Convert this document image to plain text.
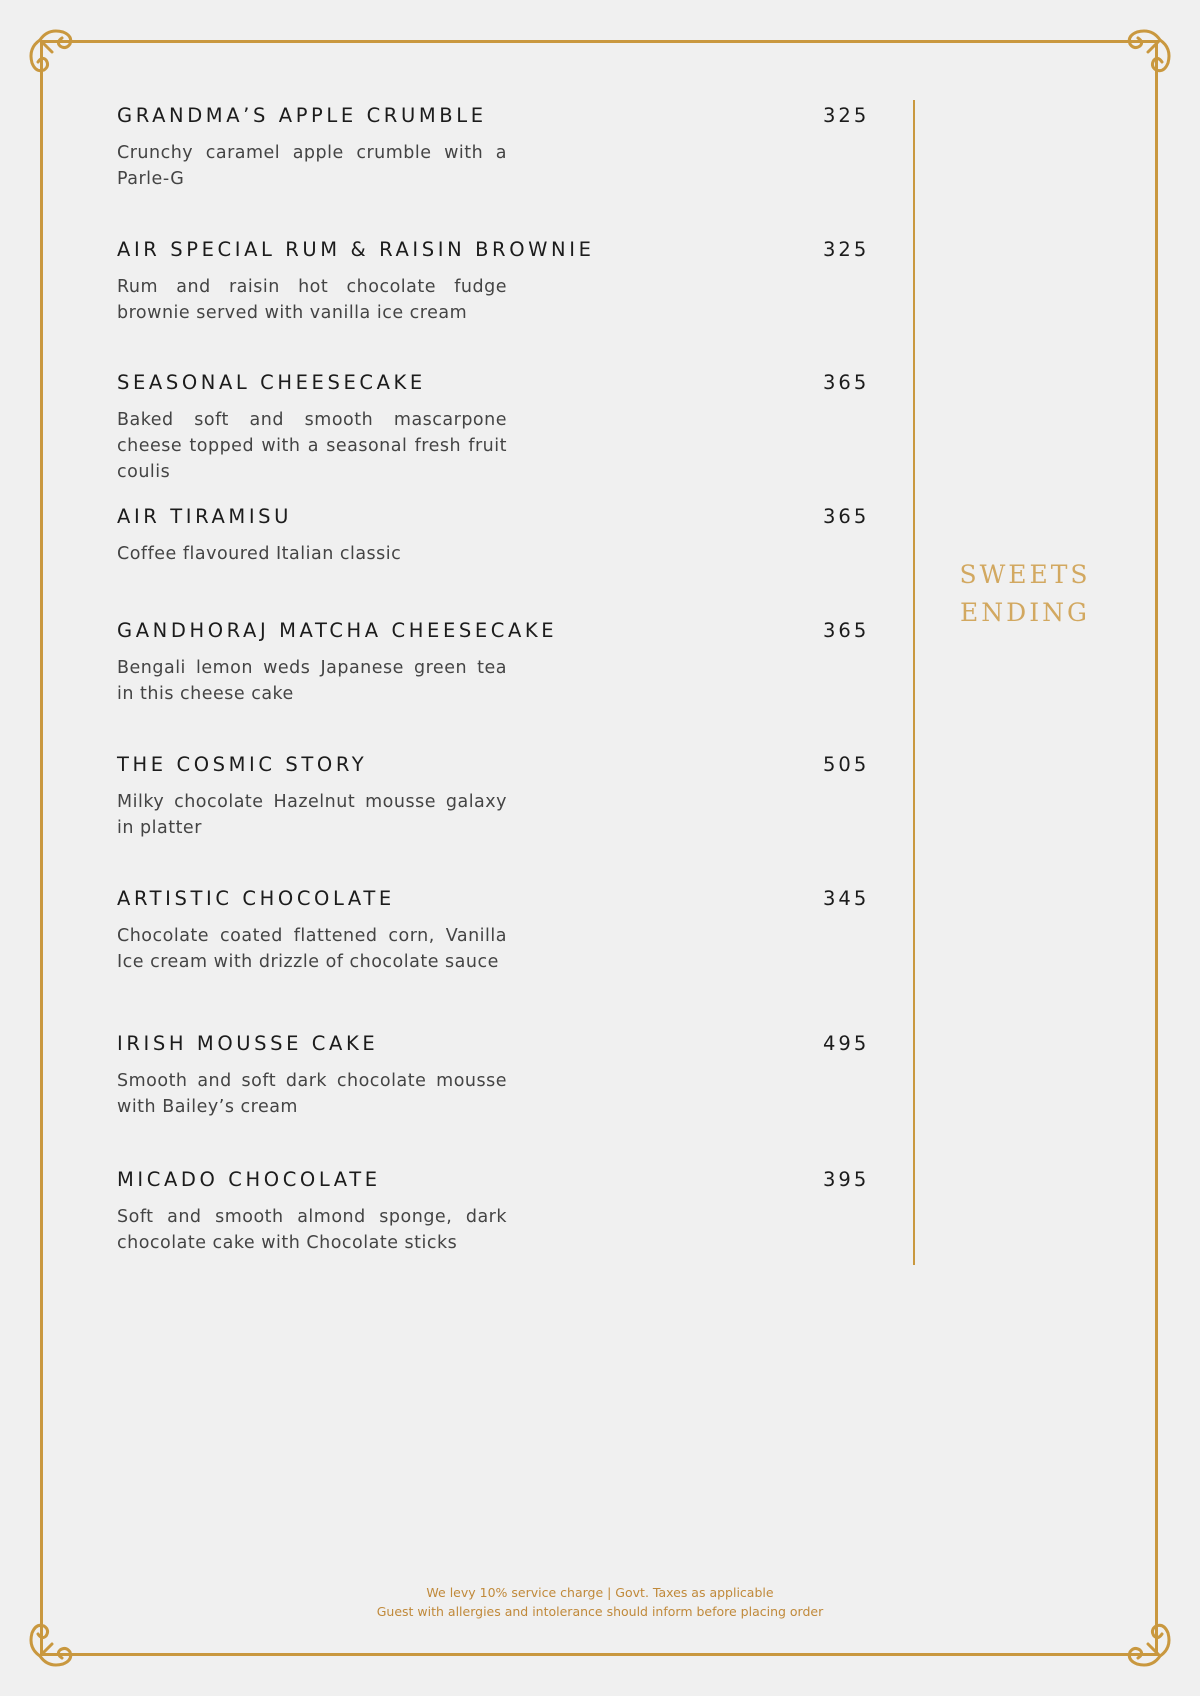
GRANDMA’S APPLE CRUMBLE	325
Crunchy caramel apple crumble with a Parle-G
AIR SPECIAL RUM & RAISIN BROWNIE	325
Rum and raisin hot chocolate fudge brownie served with vanilla ice cream
SEASONAL CHEESECAKE	365
Baked soft and smooth mascarpone cheese topped with a seasonal fresh fruit coulis
AIR TIRAMISU	365
Coffee flavoured Italian classic
GANDHORAJ MATCHA CHEESECAKE	365
Bengali lemon weds Japanese green tea in this cheese cake
THE COSMIC STORY	505
Milky chocolate Hazelnut mousse galaxy in platter
ARTISTIC CHOCOLATE	345
Chocolate coated flattened corn, Vanilla Ice cream with drizzle of chocolate sauce
IRISH MOUSSE CAKE	495
Smooth and soft dark chocolate mousse with Bailey’s cream
MICADO CHOCOLATE	395
Soft and smooth almond sponge, dark chocolate cake with Chocolate sticks
SWEETS
ENDING
We levy 10% service charge | Govt. Taxes as applicable
Guest with allergies and intolerance should inform before placing order
